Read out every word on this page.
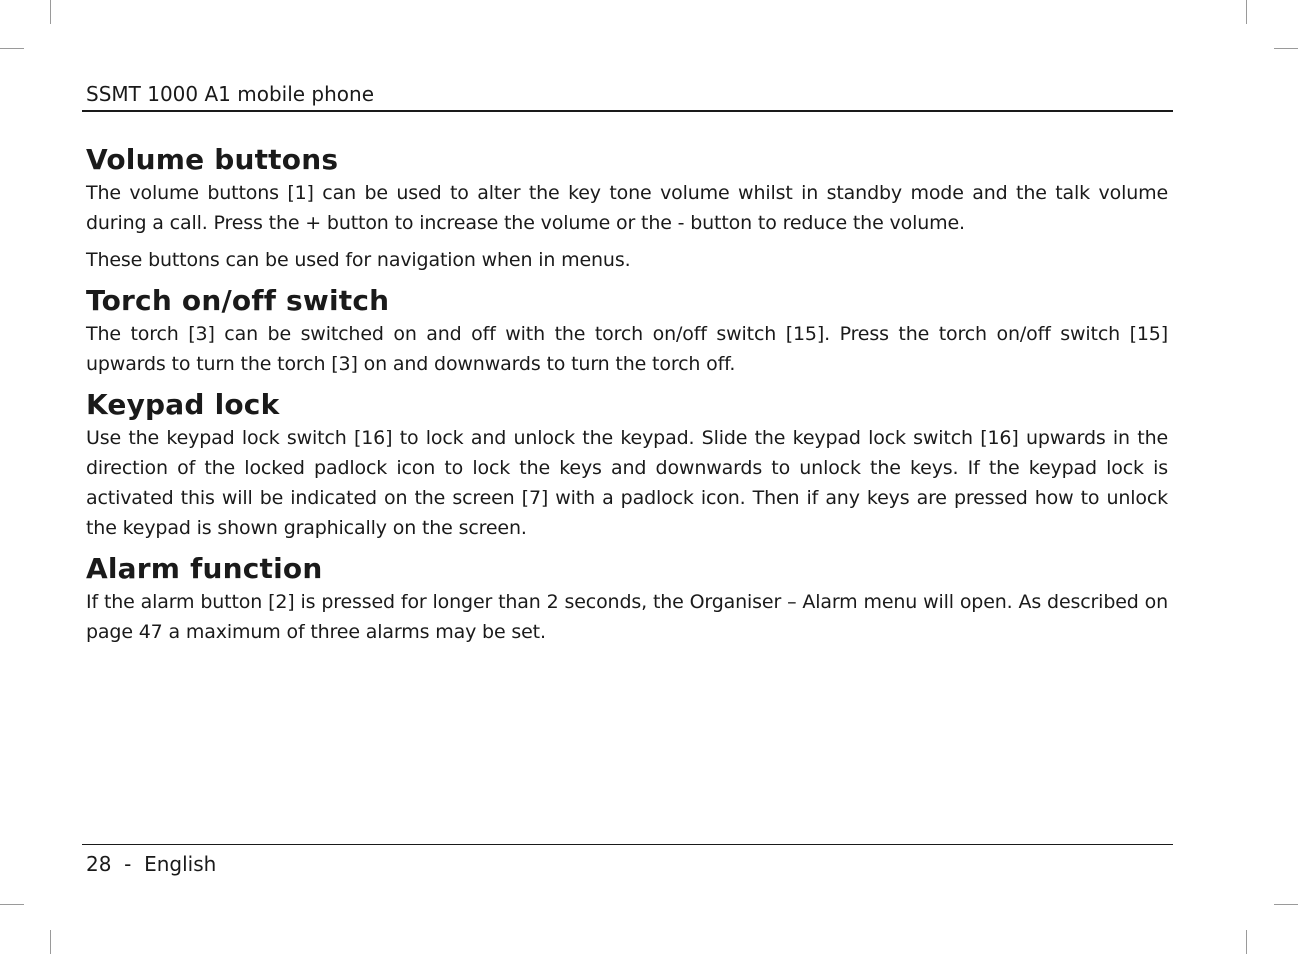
SSMT 1000 A1 mobile phone
Volume buttons

The volume buttons [1] can be used to alter the key tone volume whilst in standby mode and the talk volume during a call. Press the + button to increase the volume or the - button to reduce the volume.

These buttons can be used for navigation when in menus.

Torch on/off switch

The torch [3] can be switched on and off with the torch on/off switch [15]. Press the torch on/off switch [15] upwards to turn the torch [3] on and downwards to turn the torch off.

Keypad lock

Use the keypad lock switch [16] to lock and unlock the keypad. Slide the keypad lock switch [16] upwards in the direction of the locked padlock icon to lock the keys and downwards to unlock the keys. If the keypad lock is activated this will be indicated on the screen [7] with a padlock icon. Then if any keys are pressed how to unlock the keypad is shown graphically on the screen.

Alarm function

If the alarm button [2] is pressed for longer than 2 seconds, the Organiser – Alarm menu will open. As described on page 47 a maximum of three alarms may be set.

28 - English
